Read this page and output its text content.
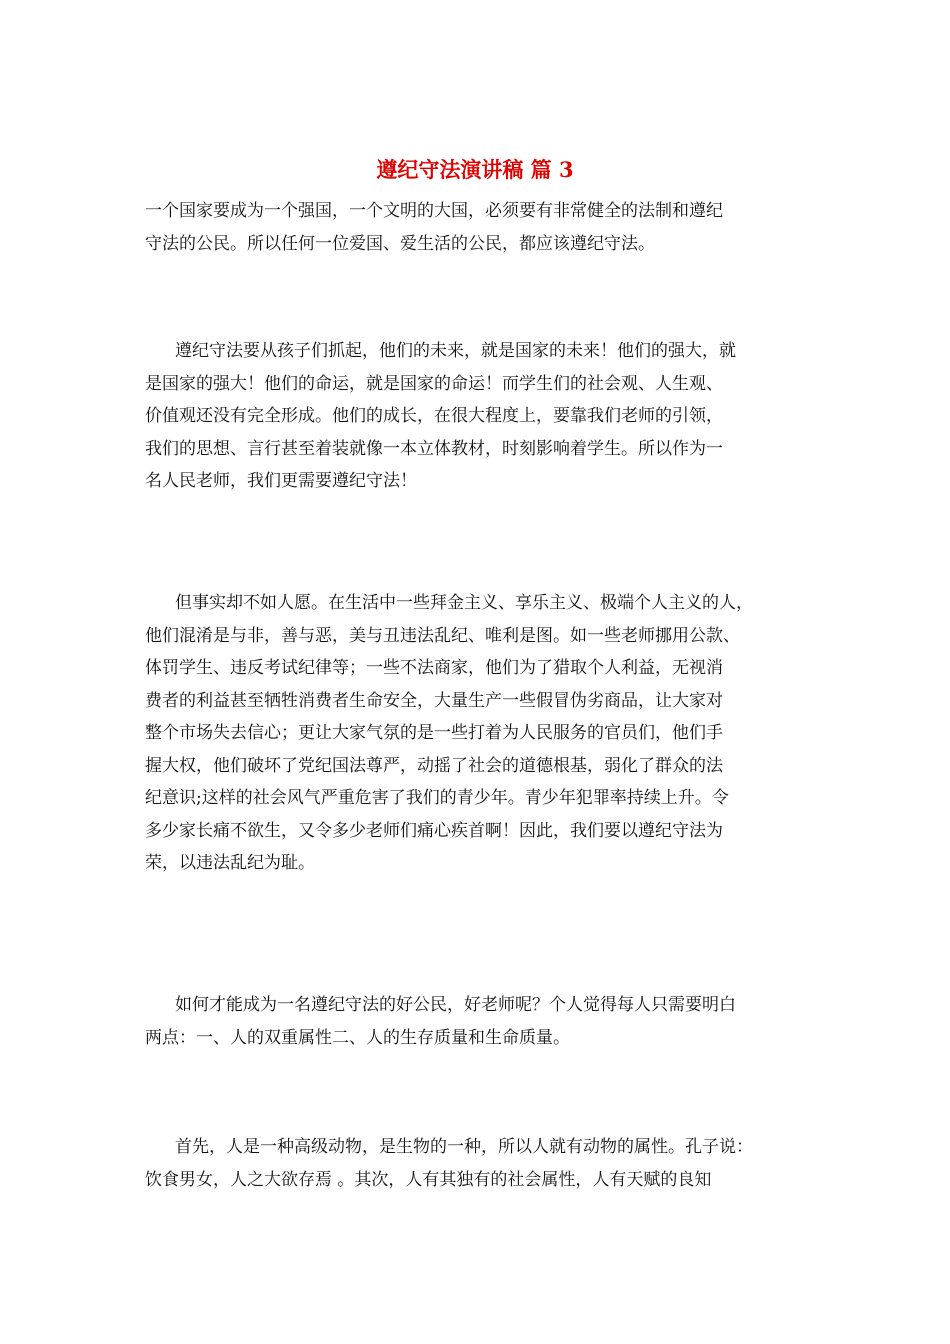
遵纪守法演讲稿 篇 3
一个国家要成为一个强国，一个文明的大国，必须要有非常健全的法制和遵纪
守法的公民。所以任何一位爱国、爱生活的公民，都应该遵纪守法。
遵纪守法要从孩子们抓起，他们的未来，就是国家的未来！他们的强大，就
是国家的强大！他们的命运，就是国家的命运！而学生们的社会观、人生观、
价值观还没有完全形成。他们的成长，在很大程度上，要靠我们老师的引领，
我们的思想、言行甚至着装就像一本立体教材，时刻影响着学生。所以作为一
名人民老师，我们更需要遵纪守法！
但事实却不如人愿。在生活中一些拜金主义、享乐主义、极端个人主义的人，
他们混淆是与非，善与恶，美与丑违法乱纪、唯利是图。如一些老师挪用公款、
体罚学生、违反考试纪律等；一些不法商家，他们为了猎取个人利益，无视消
费者的利益甚至牺牲消费者生命安全，大量生产一些假冒伪劣商品，让大家对
整个市场失去信心；更让大家气氛的是一些打着为人民服务的官员们，他们手
握大权，他们破坏了党纪国法尊严，动摇了社会的道德根基，弱化了群众的法
纪意识;这样的社会风气严重危害了我们的青少年。青少年犯罪率持续上升。令
多少家长痛不欲生，又令多少老师们痛心疾首啊！因此，我们要以遵纪守法为
荣，以违法乱纪为耻。
如何才能成为一名遵纪守法的好公民，好老师呢？个人觉得每人只需要明白
两点：一、人的双重属性二、人的生存质量和生命质量。
首先，人是一种高级动物，是生物的一种，所以人就有动物的属性。孔子说：
饮食男女，人之大欲存焉 。其次，人有其独有的社会属性，人有天赋的良知
